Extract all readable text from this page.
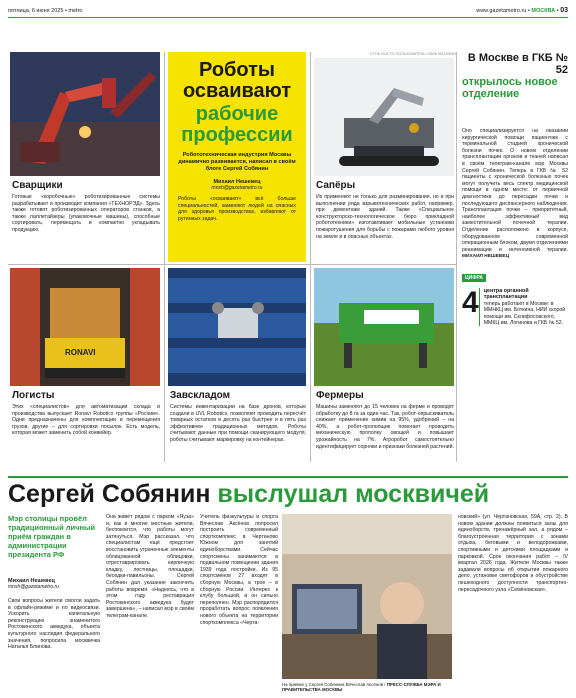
пятница, 6 июня 2025 • metro	www.gazetametro.ru • МОСКВА • 03
Сварщики
Готовые «коробочные» роботизированные системы разрабатывает и производит компания «ТЕХНОРЭД». Здесь также готовят роботизированных операторов станков, а также паллетайзеры (упаковочные машины), способные сортировать, перемещать и компактно укладывать продукцию.
Роботы осваивают
рабочие профессии
Робототехническая индустрия Москвы динамично развивается, написал в своём блоге Сергей Собянин
Михаил Нешевец
mnsh@gazetametro.ru
Роботы «осваивают» всё больше специальностей, заменяют людей на опасных для здоровья производствах, избавляют от рутинных задач.
СТОК НОСТО ПОЛЬЗОВАТЕЛЬ СВИК МАГАЗИН
Сапёры
Их применяют не только для разминирования, но и при выполнении ряда взрывотехнических работ, например, при демонтаже зданий. Также «Специальное конструкторско-технологическое бюро прикладной робототехники» изготавливает мобильные установки пожаротушения для борьбы с пожарами любого уровня на земле и в опасных объектах.
RONAVI
Логисты
Этих «специалистов» для автоматизации склада и производства выпускает Ronavi Robotics группы «Росхим». Одни предназначены для комплектации и перемещения грузов, другие – для сортировки посылок. Есть модель, которая может заменить собой конвейер.
Завскладом
Системы инвентаризации на базе дронов, которые создали в UVL Robotics, позволяют проводить пересчёт товарных остатков в десять раз быстрее и в пять раз эффективнее традиционных методов. Роботы считывают данные при помощи сканирующего модуля, роботы считывают маркировку на контейнерах.
Фермеры
Машины заменяют до 15 человек на ферме и проводят обработку до 8 га за один час. Так, робот-опрыскиватель снижает применение химии на 95%, удобрений – на 40%, а робот-прополщик помогает проводить механическую прополку овощей и повышает урожайность на 7%. Агроробот самостоятельно идентифицирует сорняки и признаки болезней растений.
В Москве в ГКБ № 52
открылось новое отделение
Оно специализируется на оказании хирургической помощи пациентам с терминальной стадией хронической болезни почек. О новом отделении трансплантации органов и тканей написал в своём телеграм-канале мэр Москвы Сергей Собянин. Теперь в ГКБ № 52 пациенты с хронической болезнью почек могут получить весь спектр медицинской помощи в одном месте: от первичной диагностики до пересадки почки и последующего диспансерного наблюдения. Трансплантация почки – приоритетный, наиболее эффективный вид заместительной почечной терапии. Отделение расположено в корпусе, оборудованном современной операционным блоком, двумя отделениями реанимации и интенсивной терапии. МИХАИЛ НЕШЕВЕЦ
ЦИФРА
4 центра органной трансплантации
теперь работают в Москве: в ММНКЦ им. Боткина, НИИ скорой помощи им. Склифосовского, ММКЦ им. Логинова и ГКБ № 52.
Сергей Собянин выслушал москвичей
Мэр столицы провёл традиционный личный приём граждан в администрации президента РФ
Михаил Нешевец
mnsh@gazetametro.ru
Свои вопросы жители смогли задать в офлайн-режиме и по видеосвязи. Ускорить капитальную реконструкцию знаменитого Ростокинского акведука, объекта культурного наследия федерального значения, попросила москвичка Наталья Блинова.
Она живёт рядом с парком «Яуза» и, как и многие местные жители, беспокоится, что работы могут затянуться. Мэр рассказал, что специалистам ещё предстоит восстановить утраченные элементы облицованной облицовки, отреставрировать кирпичную кладку, лестницы, площадки, беседки-павильоны. Сергей Собянин дал указание закончить работы вовремя. «Надеюсь, что в этом году реставрация Ростокинского акведука будет завершена», – написал мэр в своём телеграм-канале.
Учитель физкультуры и спорта Вячеслав Аксёнов попросил построить современный спорткомплекс в Чертаново Южном для занятий единоборствами. Сейчас спортсмены занимаются в подвальном помещении здания 1939 года постройки. Из 95 спортсменов 27 входят в сборную Москвы, а трое – в сборную России. Интерес к клубу большой, и он сильно переполнен. Мэр распорядился проработать вопрос появления нового объекта на территории спорткомплекса «Черта-
На приёме у Сергея Собянина Вячеслав Аксёнов / ПРЕСС-СЛУЖБА МЭРА И ПРАВИТЕЛЬСТВА МОСКВЫ
новский» (ул. Чертановская, 59А, стр. 2). В новом здании должны появиться залы для единоборств, тренажёрный зал, а рядом – благоустроенная территория с зонами отдыха, беговыми и велодорожками, спортивными и детскими площадками и парковкой. Срок окончания работ – IV квартал 2026 года. Жители Москвы также задавали вопросы об открытии пожарного депо, установке светофоров и обустройстве пешеходного доступности транспортно-пересадочного узла «Семёновская».
